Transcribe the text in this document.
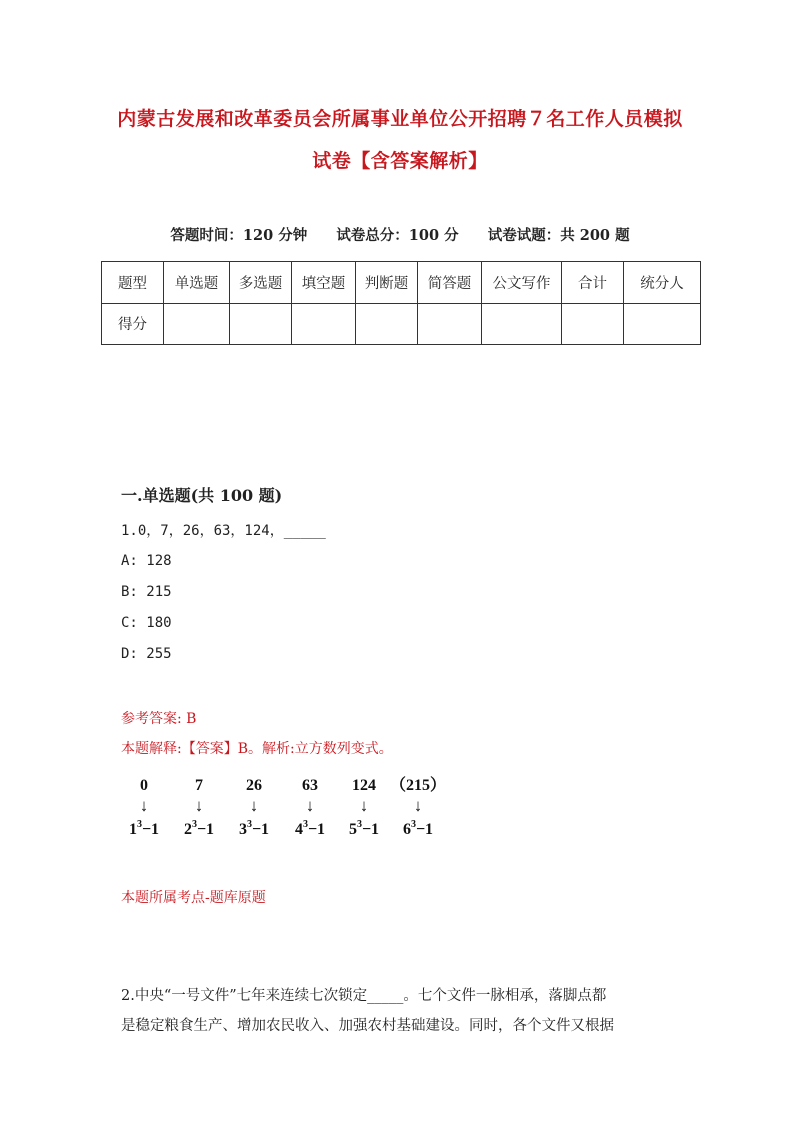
内蒙古发展和改革委员会所属事业单位公开招聘７名工作人员模拟
试卷【含答案解析】
答题时间：120 分钟 试卷总分：100 分 试卷试题：共 200 题
题型	单选题	多选题	填空题	判断题	简答题	公文写作	合计	统分人
得分								
一.单选题(共 100 题)
1.0，7，26，63，124，_____
A: 128
B: 215
C: 180
D: 255
参考答案: B
本题解释:【答案】B。解析:立方数列变式。
0	7	26	63 124 （215）
↓	↓	↓	↓	↓	↓
$1^3-1$ $2^3-1$ $3^3-1$ $4^3-1$ $5^3-1$ $6^3-1$
本题所属考点-题库原题
2.中央“一号文件”七年来连续七次锁定_____。七个文件一脉相承，落脚点都
是稳定粮食生产、增加农民收入、加强农村基础建设。同时，各个文件又根据
